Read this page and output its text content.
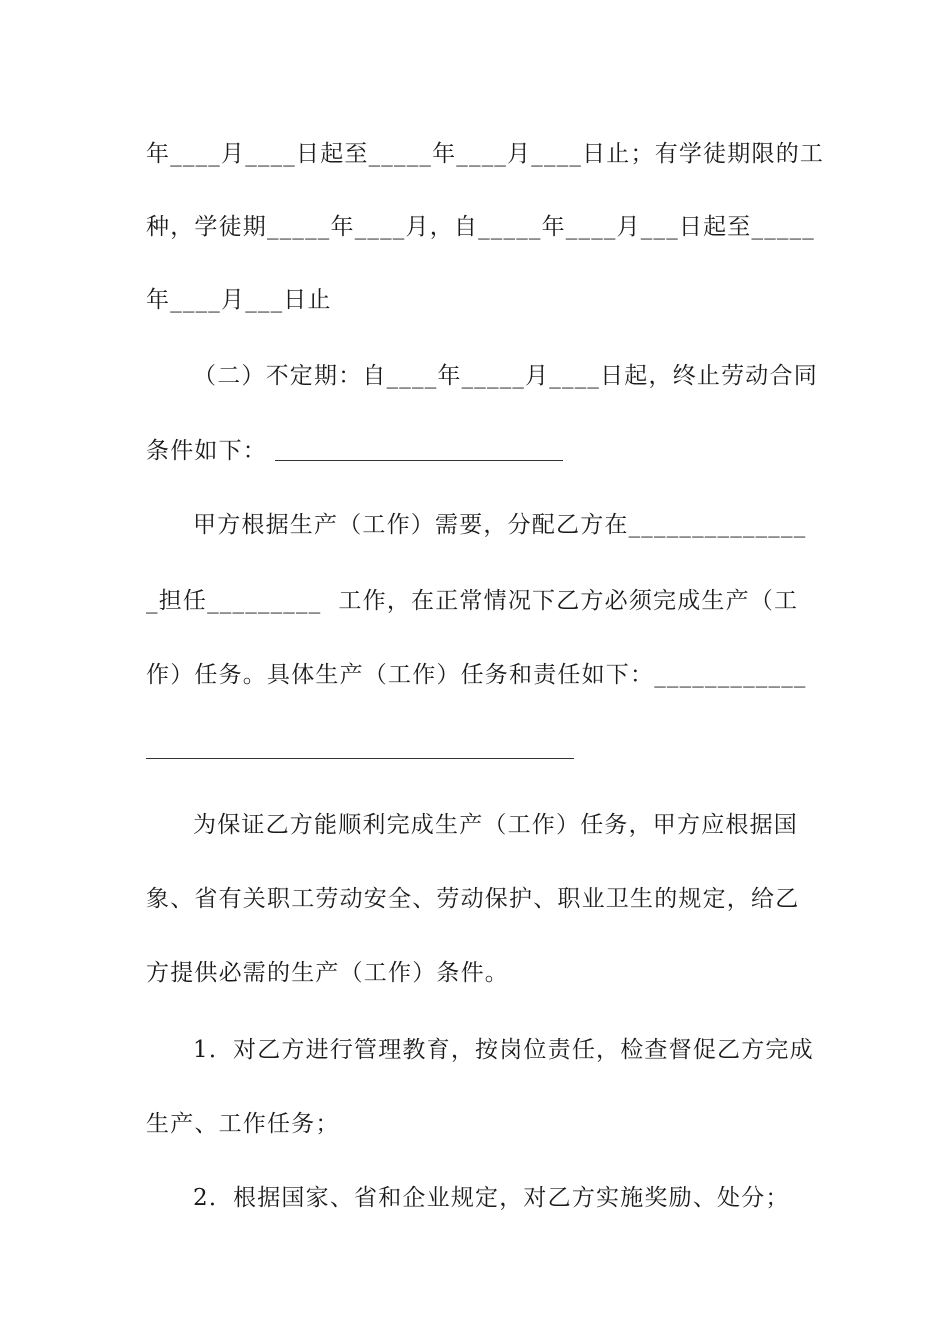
年____月____日起至_____年____月____日止；有学徒期限的工
种，学徒期_____年____月，自_____年____月___日起至_____
年____月___日止
（二）不定期：自____年_____月____日起，终止劳动合同
条件如下：
甲方根据生产（工作）需要，分配乙方在______________
_担任_________  工作，在正常情况下乙方必须完成生产（工
作）任务。具体生产（工作）任务和责任如下：____________
为保证乙方能顺利完成生产（工作）任务，甲方应根据国
象、省有关职工劳动安全、劳动保护、职业卫生的规定，给乙
方提供必需的生产（工作）条件。
1．对乙方进行管理教育，按岗位责任，检查督促乙方完成
生产、工作任务；
2．根据国家、省和企业规定，对乙方实施奖励、处分；
